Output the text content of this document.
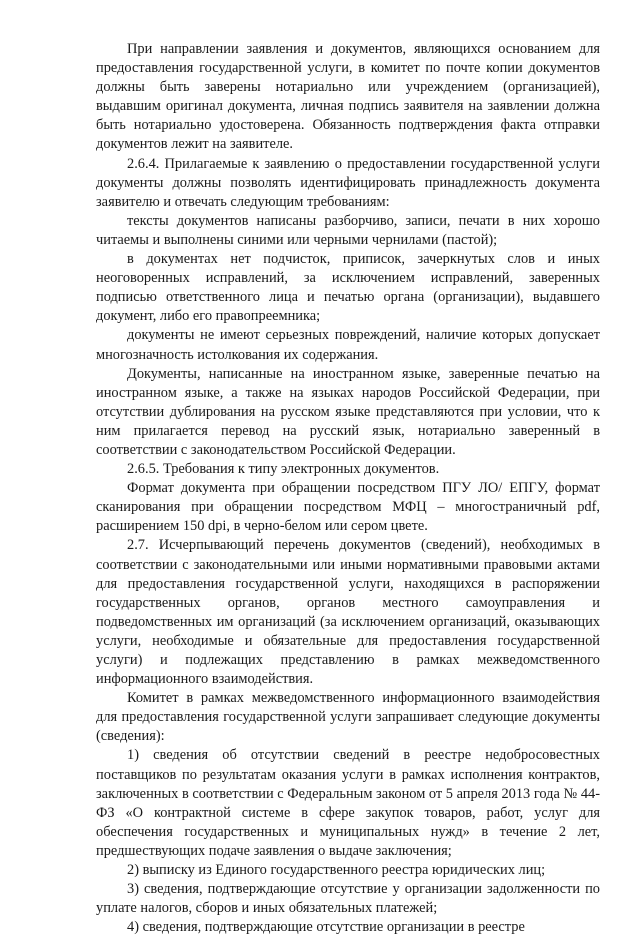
При направлении заявления и документов, являющихся основанием для предоставления государственной услуги, в комитет по почте копии документов должны быть заверены нотариально или учреждением (организацией), выдавшим оригинал документа, личная подпись заявителя на заявлении должна быть нотариально удостоверена. Обязанность подтверждения факта отправки документов лежит на заявителе.

2.6.4. Прилагаемые к заявлению о предоставлении государственной услуги документы должны позволять идентифицировать принадлежность документа заявителю и отвечать следующим требованиям:

тексты документов написаны разборчиво, записи, печати в них хорошо читаемы и выполнены синими или черными чернилами (пастой);

в документах нет подчисток, приписок, зачеркнутых слов и иных неоговоренных исправлений, за исключением исправлений, заверенных подписью ответственного лица и печатью органа (организации), выдавшего документ, либо его правопреемника;

документы не имеют серьезных повреждений, наличие которых допускает многозначность истолкования их содержания.

Документы, написанные на иностранном языке, заверенные печатью на иностранном языке, а также на языках народов Российской Федерации, при отсутствии дублирования на русском языке представляются при условии, что к ним прилагается перевод на русский язык, нотариально заверенный в соответствии с законодательством Российской Федерации.

2.6.5. Требования к типу электронных документов.

Формат документа при обращении посредством ПГУ ЛО/ ЕПГУ, формат сканирования при обращении посредством МФЦ – многостраничный pdf, расширением 150 dpi, в черно-белом или сером цвете.

2.7. Исчерпывающий перечень документов (сведений), необходимых в соответствии с законодательными или иными нормативными правовыми актами для предоставления государственной услуги, находящихся в распоряжении государственных органов, органов местного самоуправления и подведомственных им организаций (за исключением организаций, оказывающих услуги, необходимые и обязательные для предоставления государственной услуги) и подлежащих представлению в рамках межведомственного информационного взаимодействия.

Комитет в рамках межведомственного информационного взаимодействия для предоставления государственной услуги запрашивает следующие документы (сведения):

1) сведения об отсутствии сведений в реестре недобросовестных поставщиков по результатам оказания услуги в рамках исполнения контрактов, заключенных в соответствии с Федеральным законом от 5 апреля 2013 года № 44-ФЗ «О контрактной системе в сфере закупок товаров, работ, услуг для обеспечения государственных и муниципальных нужд» в течение 2 лет, предшествующих подаче заявления о выдаче заключения;

2) выписку из Единого государственного реестра юридических лиц;

3) сведения, подтверждающие отсутствие у организации задолженности по уплате налогов, сборов и иных обязательных платежей;

4) сведения, подтверждающие отсутствие организации в реестре
